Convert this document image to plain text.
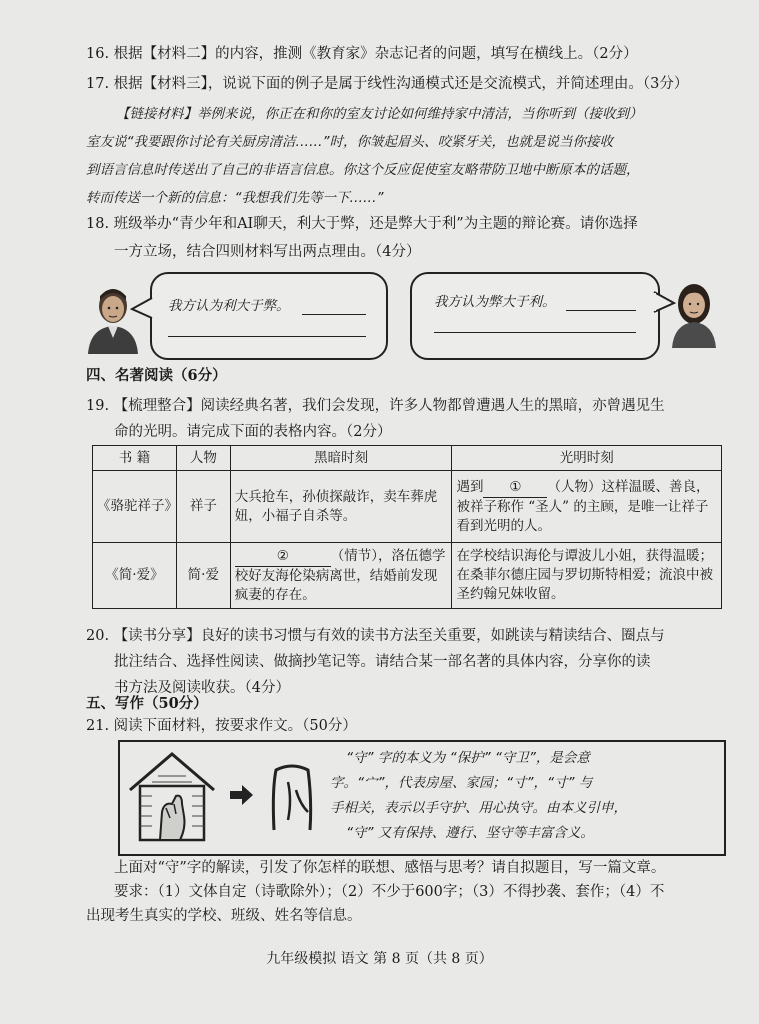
16. 根据【材料二】的内容，推测《教育家》杂志记者的问题，填写在横线上。（2分）
17. 根据【材料三】，说说下面的例子是属于线性沟通模式还是交流模式，并简述理由。（3分）
【链接材料】举例来说，你正在和你的室友讨论如何维持家中清洁，当你听到（接收到）
室友说“我要跟你讨论有关厨房清洁……”时，你皱起眉头、咬紧牙关，也就是说当你接收
到语言信息时传送出了自己的非语言信息。你这个反应促使室友略带防卫地中断原本的话题，
转而传送一个新的信息：“我想我们先等一下……”
18. 班级举办“青少年和AI聊天，利大于弊，还是弊大于利”为主题的辩论赛。请你选择
一方立场，结合四则材料写出两点理由。（4分）
我方认为利大于弊。	我方认为弊大于利。
四、名著阅读（6分）
19. 【梳理整合】阅读经典名著，我们会发现，许多人物都曾遭遇人生的黑暗，亦曾遇见生
命的光明。请完成下面的表格内容。（2分）
书 籍	人物	黑暗时刻	光明时刻
《骆驼祥子》	祥子	大兵抢车，孙侦探敲诈，卖车葬虎妞，小福子自杀等。	遇到 ① （人物）这样温暖、善良，被祥子称作 “圣人” 的主顾，是唯一让祥子看到光明的人。
《简·爱》	简·爱	② （情节），洛伍德学校好友海伦染病离世，结婚前发现疯妻的存在。	在学校结识海伦与谭波儿小姐，获得温暖；在桑菲尔德庄园与罗切斯特相爱；流浪中被圣约翰兄妹收留。
20. 【读书分享】良好的读书习惯与有效的读书方法至关重要，如跳读与精读结合、圈点与
批注结合、选择性阅读、做摘抄笔记等。请结合某一部名著的具体内容，分享你的读
书方法及阅读收获。（4分）
五、写作（50分）
21. 阅读下面材料，按要求作文。（50分）
“守” 字的本义为 “保护” “守卫”，是会意
字。“宀”，代表房屋、家园；“寸”，“寸” 与
手相关，表示以手守护、用心执守。由本义引申，
“守” 又有保持、遵行、坚守等丰富含义。
上面对“守”字的解读，引发了你怎样的联想、感悟与思考？请自拟题目，写一篇文章。
要求：（1）文体自定（诗歌除外）；（2）不少于600字；（3）不得抄袭、套作；（4）不
出现考生真实的学校、班级、姓名等信息。
九年级模拟 语文 第 8 页（共 8 页）
